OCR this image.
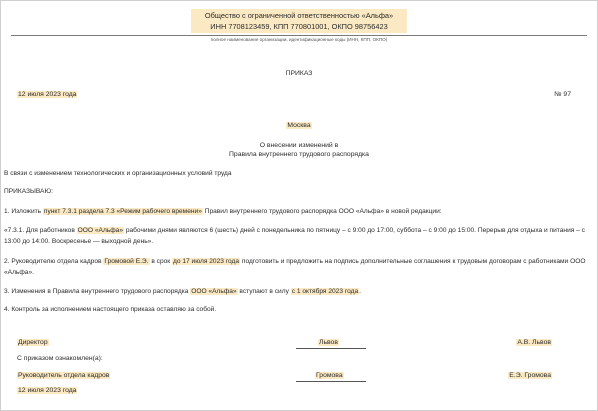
Общество с ограниченной ответственностью «Альфа»
ИНН 7708123459, КПП 770801001, ОКПО 98756423
полное наименование организации, идентификационные коды (ИНН, КПП, ОКПО)
ПРИКАЗ
12 июля 2023 года	№ 97
Москва
О внесении изменений в
Правила внутреннего трудового распорядка
В связи с изменением технологических и организационных условий труда
ПРИКАЗЫВАЮ:
1. Изложить пункт 7.3.1 раздела 7.3 «Режим рабочего времени» Правил внутреннего трудового распорядка ООО «Альфа» в новой редакции:
«7.3.1. Для работников ООО «Альфа» рабочими днями являются 6 (шесть) дней с понедельника по пятницу – с 9:00 до 17:00, суббота – с 9:00 до 15:00. Перерыв для отдыха и питания – с 13:00 до 14:00. Воскресенье — выходной день».
2. Руководителю отдела кадров Громовой Е.Э. в срок до 17 июля 2023 года подготовить и предложить на подпись дополнительные соглашения к трудовым договорам с работниками ООО «Альфа».
3. Изменения в Правила внутреннего трудового распорядка ООО «Альфа» вступают в силу с 1 октября 2023 года.
4. Контроль за исполнением настоящего приказа оставляю за собой.
Директор	Львов	А.В. Львов
С приказом ознакомлен(а):
Руководитель отдела кадров	Громова	Е.Э. Громова
12 июля 2023 года
